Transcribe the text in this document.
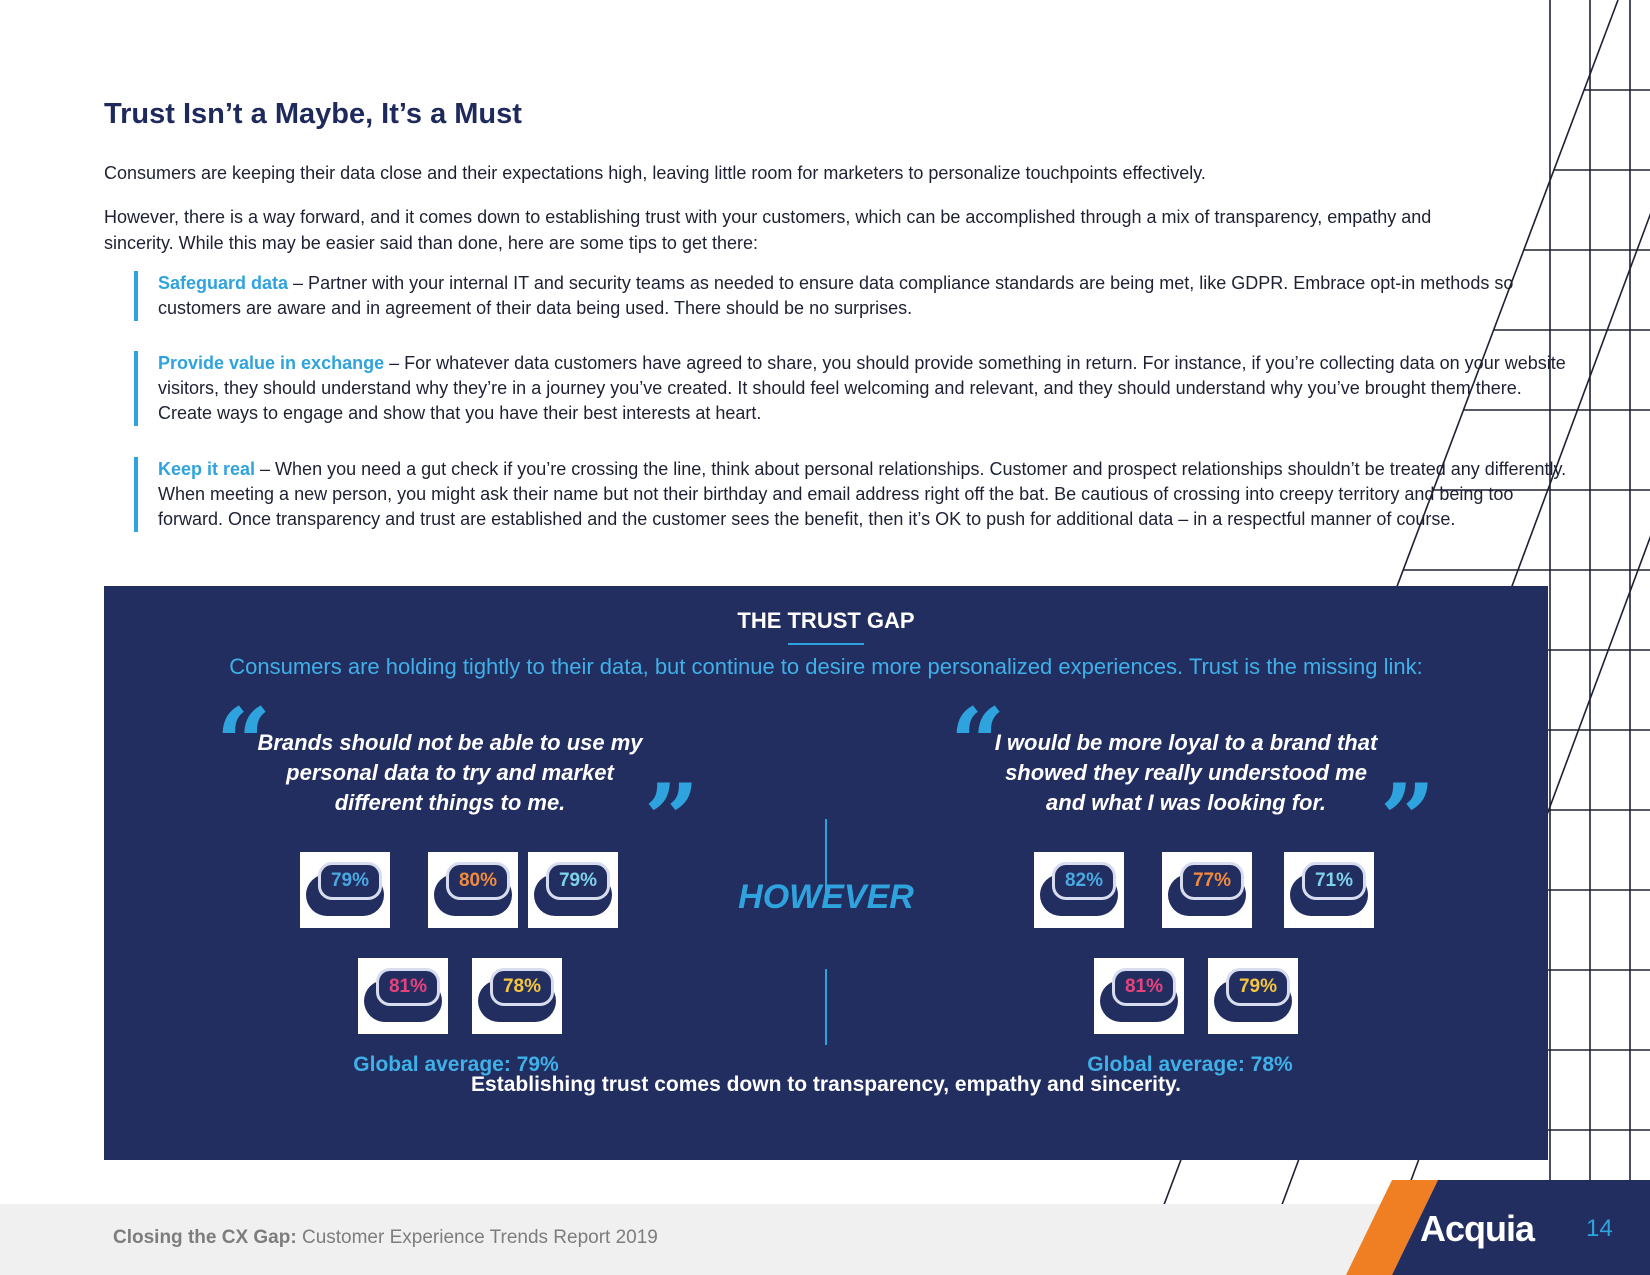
Trust Isn’t a Maybe, It’s a Must

Consumers are keeping their data close and their expectations high, leaving little room for marketers to personalize touchpoints effectively.

However, there is a way forward, and it comes down to establishing trust with your customers, which can be accomplished through a mix of transparency, empathy and sincerity. While this may be easier said than done, here are some tips to get there:

Safeguard data – Partner with your internal IT and security teams as needed to ensure data compliance standards are being met, like GDPR. Embrace opt-in methods so customers are aware and in agreement of their data being used. There should be no surprises.
Provide value in exchange – For whatever data customers have agreed to share, you should provide something in return. For instance, if you’re collecting data on your website visitors, they should understand why they’re in a journey you’ve created. It should feel welcoming and relevant, and they should understand why you’ve brought them there. Create ways to engage and show that you have their best interests at heart.
Keep it real – When you need a gut check if you’re crossing the line, think about personal relationships. Customer and prospect relationships shouldn’t be treated any differently. When meeting a new person, you might ask their name but not their birthday and email address right off the bat. Be cautious of crossing into creepy territory and being too forward. Once transparency and trust are established and the customer sees the benefit, then it’s OK to push for additional data – in a respectful manner of course.

THE TRUST GAP

Consumers are holding tightly to their data, but continue to desire more personalized experiences. Trust is the missing link:

“
Brands should not be able to use my personal data to try and market different things to me. ”
“
I would be more loyal to a brand that showed they really understood me and what I was looking for. ”

HOWEVER

79%	80%	79%
81%	78%
82%	77%	71%
81%	79%
Global average: 79%	Global average: 78%

Establishing trust comes down to transparency, empathy and sincerity.

Closing the CX Gap: Customer Experience Trends Report 2019	Acquia 14
